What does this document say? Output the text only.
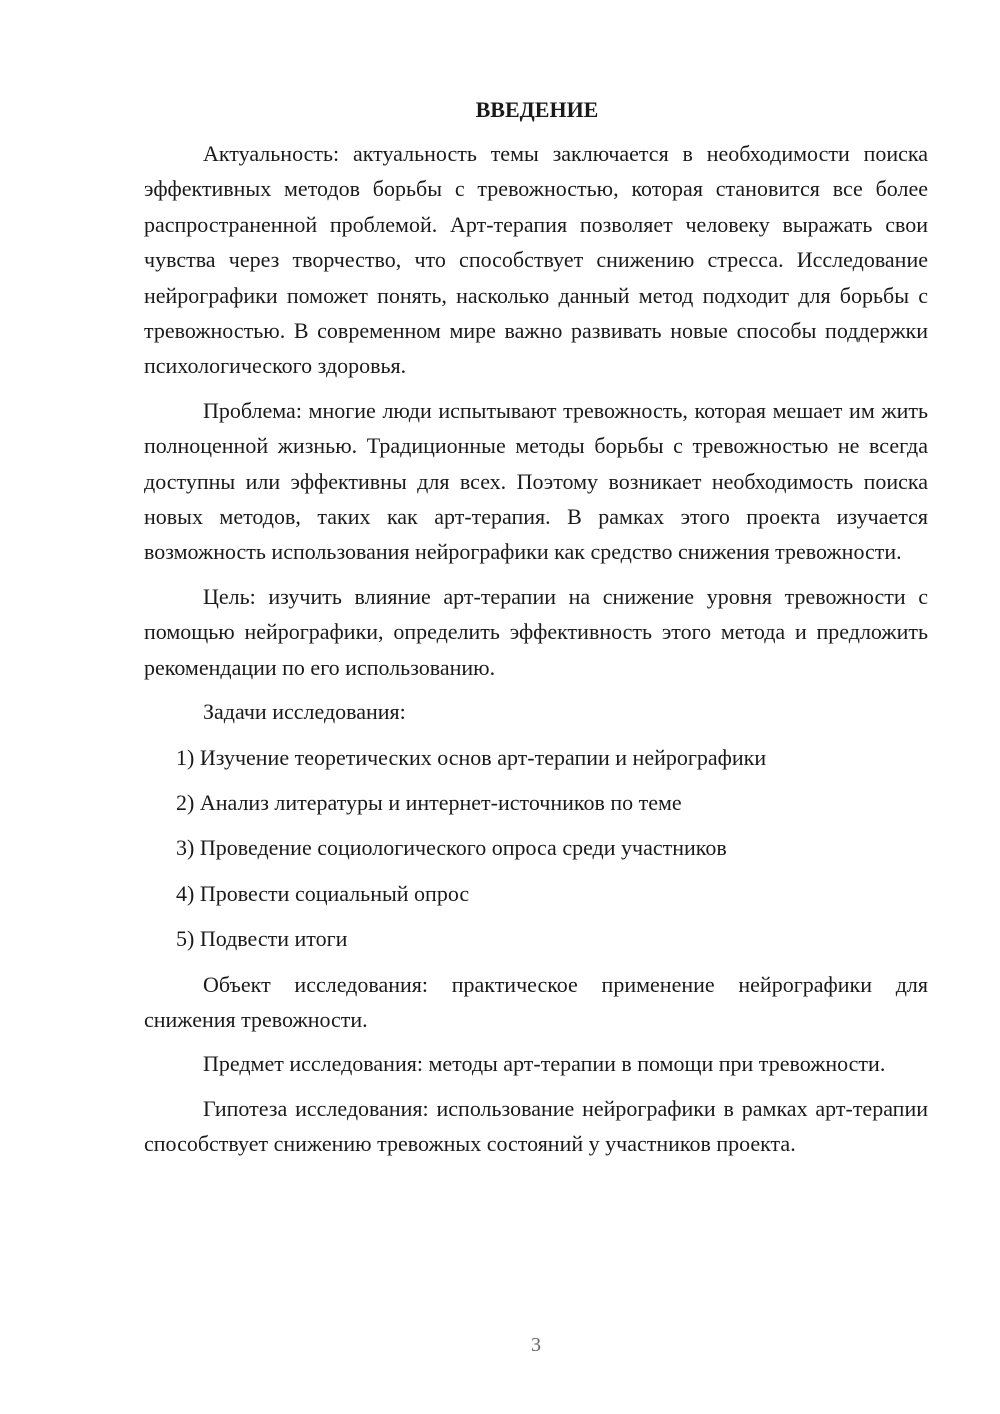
ВВЕДЕНИЕ

Актуальность: актуальность темы заключается в необходимости поиска эффективных методов борьбы с тревожностью, которая становится все более распространенной проблемой. Арт-терапия позволяет человеку выражать свои чувства через творчество, что способствует снижению стресса. Исследование нейрографики поможет понять, насколько данный метод подходит для борьбы с тревожностью. В современном мире важно развивать новые способы поддержки психологического здоровья.

Проблема: многие люди испытывают тревожность, которая мешает им жить полноценной жизнью. Традиционные методы борьбы с тревожностью не всегда доступны или эффективны для всех. Поэтому возникает необходимость поиска новых методов, таких как арт-терапия. В рамках этого проекта изучается возможность использования нейрографики как средство снижения тревожности.

Цель: изучить влияние арт-терапии на снижение уровня тревожности с помощью нейрографики, определить эффективность этого метода и предложить рекомендации по его использованию.

Задачи исследования:

1) Изучение теоретических основ арт-терапии и нейрографики
2) Анализ литературы и интернет-источников по теме
3) Проведение социологического опроса среди участников
4) Провести социальный опрос
5) Подвести итоги

Объект исследования: практическое применение нейрографики для снижения тревожности.

Предмет исследования: методы арт-терапии в помощи при тревожности.

Гипотеза исследования: использование нейрографики в рамках арт-терапии способствует снижению тревожных состояний у участников проекта.

3
